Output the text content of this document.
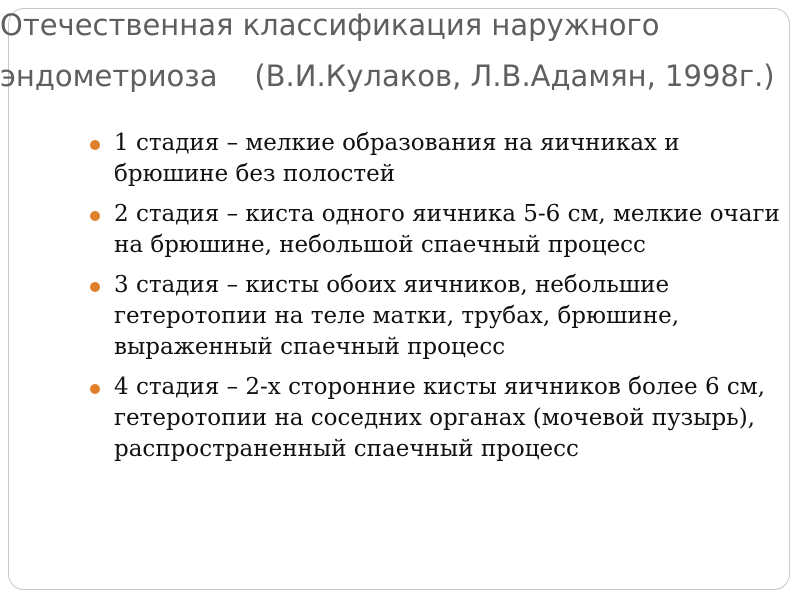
Отечественная классификация наружного эндометриоза    (В.И.Кулаков, Л.В.Адамян, 1998г.)
1 стадия – мелкие образования на яичниках и брюшине без полостей
2 стадия – киста одного яичника 5-6 см, мелкие очаги на брюшине, небольшой спаечный процесс
3 стадия – кисты обоих яичников, небольшие гетеротопии на теле матки, трубах, брюшине, выраженный спаечный процесс
4 стадия – 2-х сторонние кисты яичников более 6 см, гетеротопии на соседних органах (мочевой пузырь), распространенный спаечный процесс
